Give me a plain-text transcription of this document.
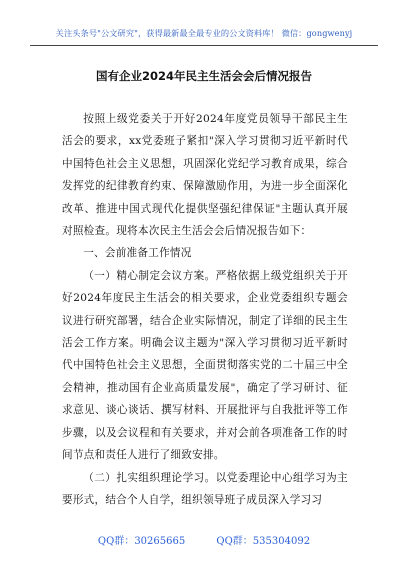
关注头条号"公文研究"，获得最新最全最专业的公文资料库！ 微信：gongwenyj
国有企业2024年民主生活会会后情况报告

按照上级党委关于开好2024年度党员领导干部民主生活会的要求，xx党委班子紧扣"深入学习贯彻习近平新时代中国特色社会主义思想，巩固深化党纪学习教育成果，综合发挥党的纪律教育约束、保障激励作用，为进一步全面深化改革、推进中国式现代化提供坚强纪律保证"主题认真开展对照检查。现将本次民主生活会会后情况报告如下：

一、会前准备工作情况

（一）精心制定会议方案。严格依据上级党组织关于开好2024年度民主生活会的相关要求，企业党委组织专题会议进行研究部署，结合企业实际情况，制定了详细的民主生活会工作方案。明确会议主题为"深入学习贯彻习近平新时代中国特色社会主义思想，全面贯彻落实党的二十届三中全会精神，推动国有企业高质量发展"，确定了学习研讨、征求意见、谈心谈话、撰写材料、开展批评与自我批评等工作步骤，以及会议程和有关要求，并对会前各项准备工作的时间节点和责任人进行了细致安排。

（二）扎实组织理论学习。以党委理论中心组学习为主要形式，结合个人自学，组织领导班子成员深入学习习

QQ群：30265665	QQ群：535304092
